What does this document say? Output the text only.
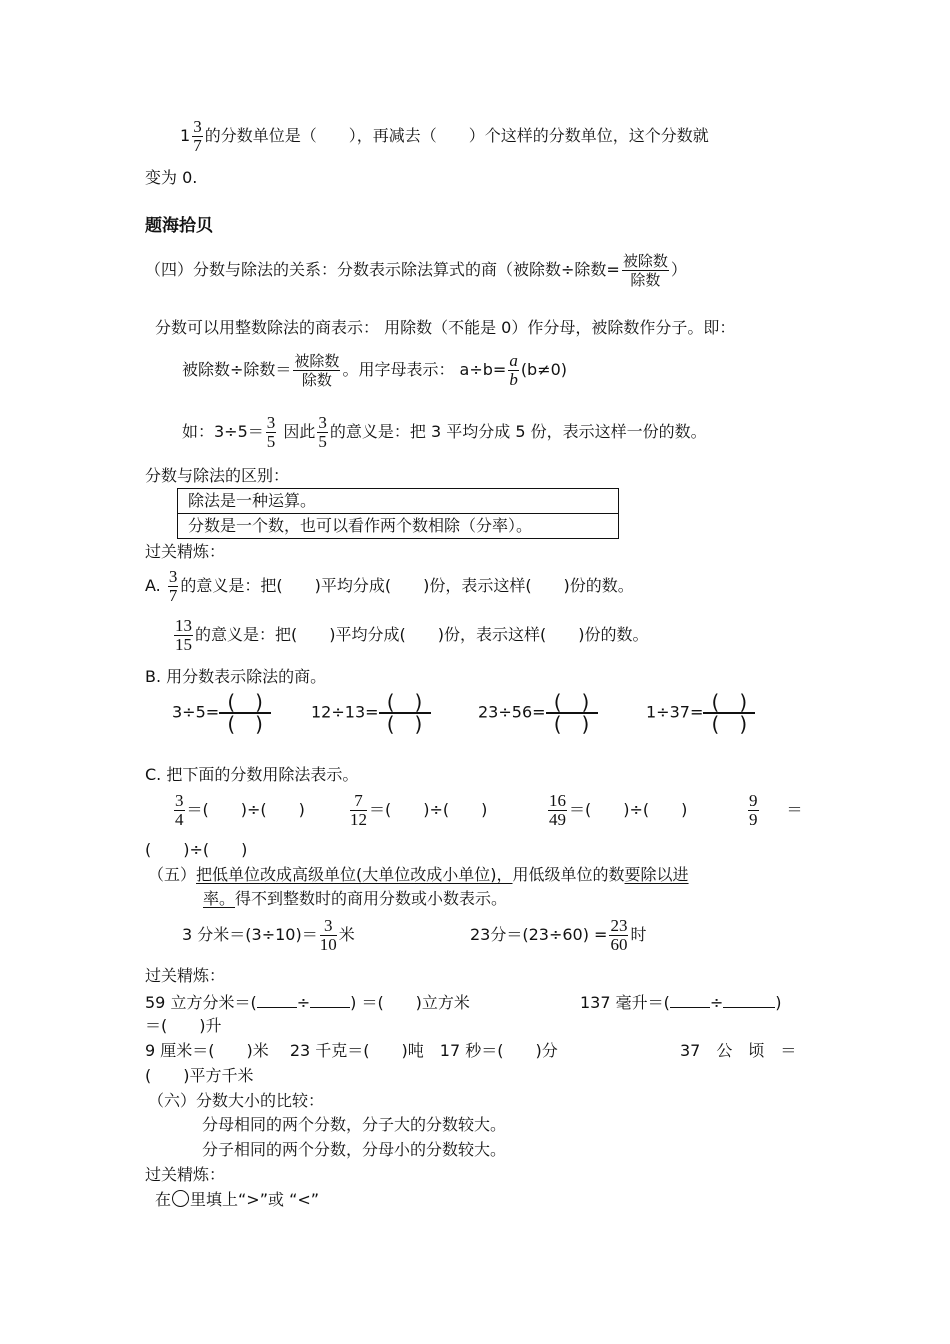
$1 \frac{3}{7}$ 的分数单位是（　　），再减去（　　）个这样的分数单位，这个分数就
变为 0.
题海拾贝
（四）分数与除法的关系：分数表示除法算式的商（被除数÷除数= 被除数
除数
）
分数可以用整数除法的商表示： 用除数（不能是 0）作分母，被除数作分子。即：
被除数÷除数＝ 被除数
除数
。用字母表示： $a\div b= \frac{a}{b} (b\ne 0)$
如：$3\div 5= \frac{3}{5}$ 因此 $\frac{3}{5}$ 的意义是：把 3 平均分成 5 份，表示这样一份的数。
分数与除法的区别：
除法是一种运算。
分数是一个数，也可以看作两个数相除（分率）。
过关精炼：
A. $\frac{3}{7}$ 的意义是：把(　　)平均分成(　　)份，表示这样(　　)份的数。
$\frac{13}{15}$ 的意义是：把(　　)平均分成(　　)份，表示这样(　　)份的数。
B. 用分数表示除法的商。
3÷5= (　)
(　)	12÷13= (　)
(　)	23÷56= (　)
(　)	1÷37= (　)
(　)
C. 把下面的分数用除法表示。
$\frac{3}{4}$ ＝(　　)÷(　　)	$\frac{7}{12}$ ＝(　　)÷(　　)	$\frac{16}{49}$ ＝(　　)÷(　　)	$\frac{9}{9}$ ＝
(　　)÷(　　)
（五）把低单位改成高级单位(大单位改成小单位)，用低级单位的数要除以进
率。得不到整数时的商用分数或小数表示。
3 分米$=(3\div 10)= \frac{3}{10}$ 米	23分$=(23\div 60) = \frac{23}{60}$ 时
过关精炼：
59 立方分米＝(	÷	) ＝(　　)立方米	137 毫升＝(	÷	)
＝(　　)升
9 厘米＝(　　)米　 23 千克＝(　　)吨　17 秒＝(　　)分	37　公　顷　＝
(　　)平方千米
（六）分数大小的比较：
分母相同的两个分数，分子大的分数较大。
分子相同的两个分数，分母小的分数较大。
过关精炼：
在 里填上“>”或 “<”
